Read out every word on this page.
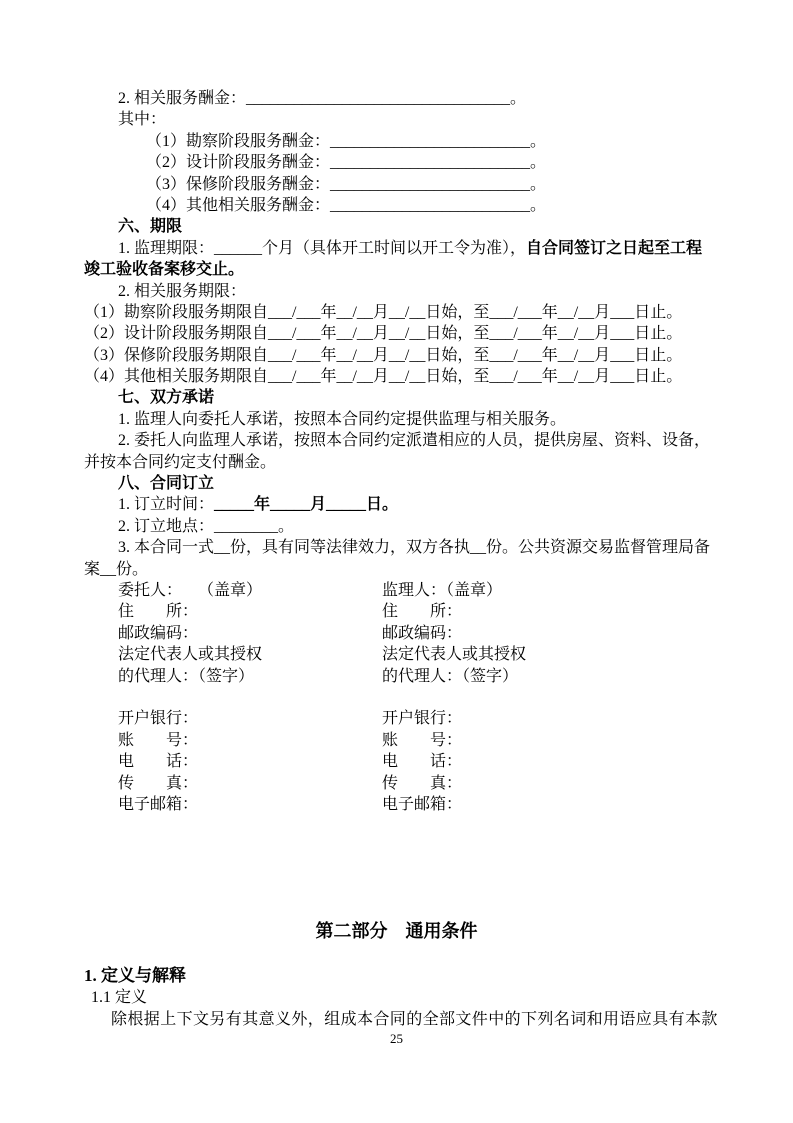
2. 相关服务酬金：_________________________________。
其中：
（1）勘察阶段服务酬金：_________________________。
（2）设计阶段服务酬金：_________________________。
（3）保修阶段服务酬金：_________________________。
（4）其他相关服务酬金：_________________________。
六、期限
1. 监理期限：______个月（具体开工时间以开工令为准），自合同签订之日起至工程
竣工验收备案移交止。
2. 相关服务期限：
（1）勘察阶段服务期限自___/___年__/__月__/__日始，至___/___年__/__月___日止。
（2）设计阶段服务期限自___/___年__/__月__/__日始，至___/___年__/__月___日止。
（3）保修阶段服务期限自___/___年__/__月__/__日始，至___/___年__/__月___日止。
（4）其他相关服务期限自___/___年__/__月__/__日始，至___/___年__/__月___日止。
七、双方承诺
1. 监理人向委托人承诺，按照本合同约定提供监理与相关服务。
2. 委托人向监理人承诺，按照本合同约定派遣相应的人员，提供房屋、资料、设备，
并按本合同约定支付酬金。
八、合同订立
1. 订立时间：_____年_____月_____日。
2. 订立地点：________。
3. 本合同一式__份，具有同等法律效力，双方各执__份。公共资源交易监督管理局备
案__份。
委托人：　　（盖章）
住　　所：
邮政编码：
法定代表人或其授权
的代理人：（签字）
监理人：（盖章）
住　　所：
邮政编码：
法定代表人或其授权
的代理人：（签字）
开户银行：
账　　号：
电　　话：
传　　真：
电子邮箱：
开户银行：
账　　号：
电　　话：
传　　真：
电子邮箱：
第二部分　通用条件
1. 定义与解释
1.1 定义
除根据上下文另有其意义外，组成本合同的全部文件中的下列名词和用语应具有本款
25
